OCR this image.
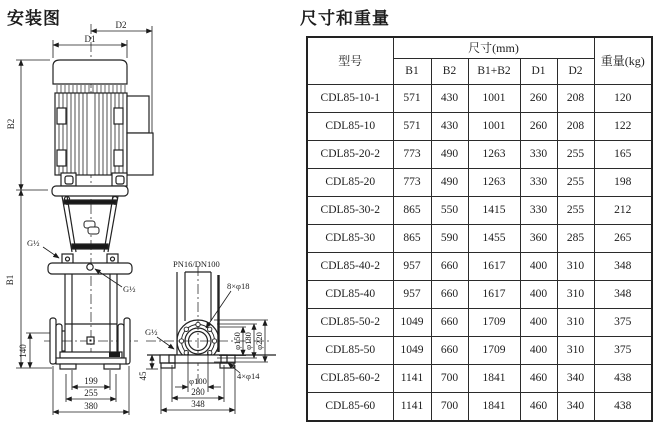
安装图	尺寸和重量
D1
D2
B2
B1
G½
G½
G½
PN16/DN100
8×φ18
4×φ14
φ150 φ180 φ220
φ100
140
199
255
380
45
280
348
型号	尺寸(mm)					重量(kg)
	B1	B2	B1+B2	D1	D2	
CDL85-10-1	571	430	1001	260	208	120
CDL85-10	571	430	1001	260	208	122
CDL85-20-2	773	490	1263	330	255	165
CDL85-20	773	490	1263	330	255	198
CDL85-30-2	865	550	1415	330	255	212
CDL85-30	865	590	1455	360	285	265
CDL85-40-2	957	660	1617	400	310	348
CDL85-40	957	660	1617	400	310	348
CDL85-50-2	1049	660	1709	400	310	375
CDL85-50	1049	660	1709	400	310	375
CDL85-60-2	1141	700	1841	460	340	438
CDL85-60	1141	700	1841	460	340	438
